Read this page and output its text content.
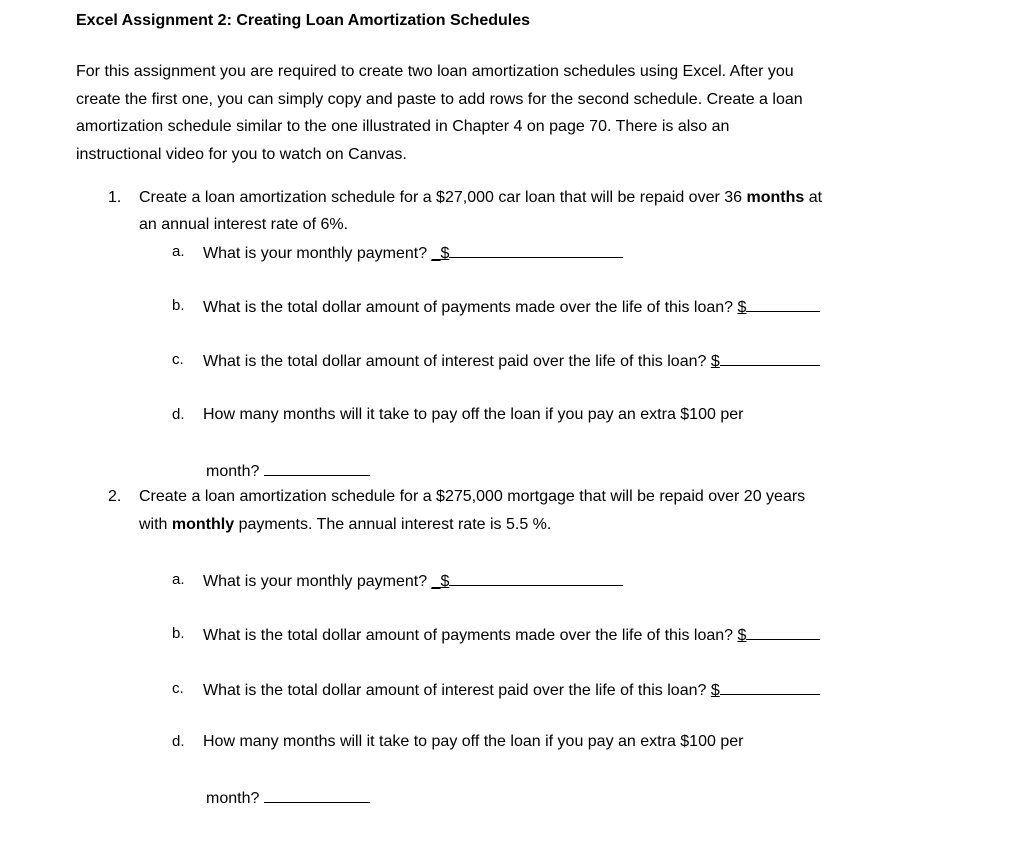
Excel Assignment 2: Creating Loan Amortization Schedules
For this assignment you are required to create two loan amortization schedules using Excel. After you
create the first one, you can simply copy and paste to add rows for the second schedule. Create a loan
amortization schedule similar to the one illustrated in Chapter 4 on page 70. There is also an
instructional video for you to watch on Canvas.
1. Create a loan amortization schedule for a $27,000 car loan that will be repaid over 36 months at
an annual interest rate of 6%.
a. What is your monthly payment? _$
b. What is the total dollar amount of payments made over the life of this loan? $
c. What is the total dollar amount of interest paid over the life of this loan? $
d. How many months will it take to pay off the loan if you pay an extra $100 per
month?
2. Create a loan amortization schedule for a $275,000 mortgage that will be repaid over 20 years
with monthly payments. The annual interest rate is 5.5 %.
a. What is your monthly payment? _$
b. What is the total dollar amount of payments made over the life of this loan? $
c. What is the total dollar amount of interest paid over the life of this loan? $
d. How many months will it take to pay off the loan if you pay an extra $100 per
month?
